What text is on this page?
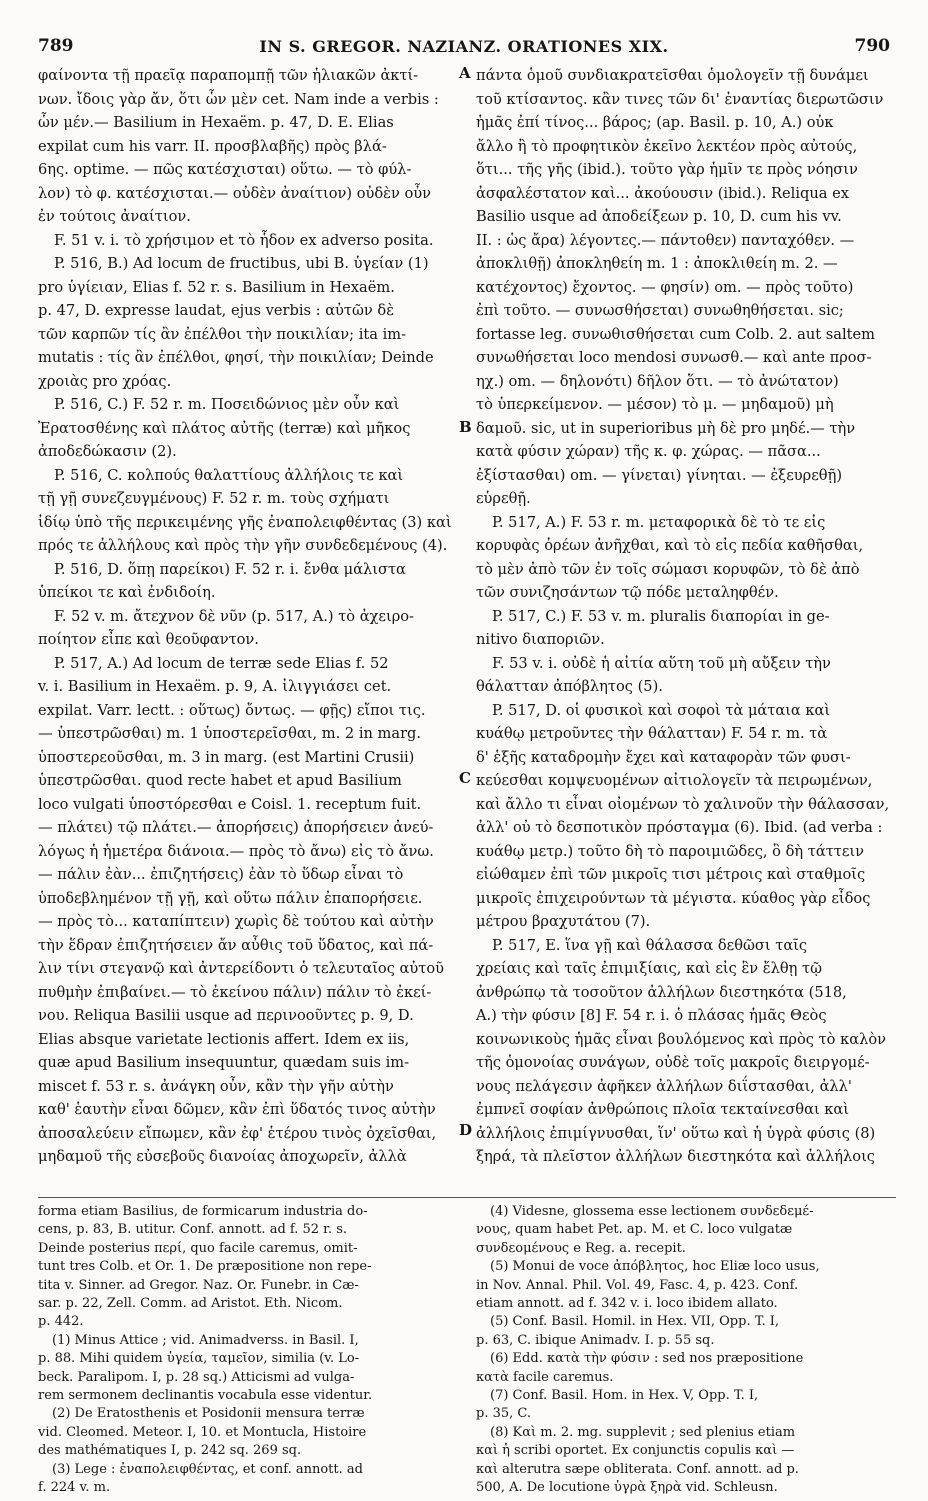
789	IN S. GREGOR. NAZIANZ. ORATIONES XIX.	790

φαίνοντα τῇ πραεῖᾳ παραπομπῇ τῶν ἡλιακῶν ἀκτί-

νων. ἴδοις γὰρ ἄν, ὅτι ὧν μὲν cet. Nam inde a verbis :

ὧν μέν.— Basilium in Hexaëm. p. 47, D. E. Elias

expilat cum his varr. II. προσβλαβῆς) πρὸς βλά-

6ης. optime. — πῶς κατέσχισται) οὕτω. — τὸ φύλ-

λον) τὸ φ. κατέσχισται.— οὐδὲν ἀναίτιον) οὐδὲν οὖν

ἐν τούτοις ἀναίτιον.

F. 51 v. i. τὸ χρήσιμον et τὸ ἧδον ex adverso posita.

P. 516, B.) Ad locum de fructibus, ubi B. ὑγείαν (1)

pro ὑγίειαν, Elias f. 52 r. s. Basilium in Hexaëm.

p. 47, D. expresse laudat, ejus verbis : αὐτῶν δὲ

τῶν καρπῶν τίς ἂν ἐπέλθοι τὴν ποικιλίαν; ita im-

mutatis : τίς ἂν ἐπέλθοι, φησί, τὴν ποικιλίαν; Deinde

χροιὰς pro χρόας.

P. 516, C.) F. 52 r. m. Ποσειδώνιος μὲν οὖν καὶ

Ἐρατοσθένης καὶ πλάτος αὐτῆς (terræ) καὶ μῆκος

ἀποδεδώκασιν (2).

P. 516, C. κολπούς θαλαττίους ἀλλήλοις τε καὶ

τῇ γῇ συνεζευγμένους) F. 52 r. m. τοὺς σχήματι

ἰδίῳ ὑπὸ τῆς περικειμένης γῆς ἐναπολειφθέντας (3) καὶ

πρός τε ἀλλήλους καὶ πρὸς τὴν γῆν συνδεδεμένους (4).

P. 516, D. ὅπῃ παρείκοι) F. 52 r. i. ἔνθα μάλιστα

ὑπείκοι τε καὶ ἐνδιδοίη.

F. 52 v. m. ἄτεχνον δὲ νῦν (p. 517, A.) τὸ ἀχειρο-

ποίητον εἶπε καὶ θεοῦφαντον.

P. 517, A.) Ad locum de terræ sede Elias f. 52

v. i. Basilium in Hexaëm. p. 9, A. ἰλιγγιάσει cet.

expilat. Varr. lectt. : οὕτως) ὄντως. — φῇς) εἴποι τις.

— ὑπεστρῶσθαι) m. 1 ὑποστερεῖσθαι, m. 2 in marg.

ὑποστερεοῦσθαι, m. 3 in marg. (est Martini Crusii)

ὑπεστρῶσθαι. quod recte habet et apud Basilium

loco vulgati ὑποστόρεσθαι e Coisl. 1. receptum fuit.

— πλάτει) τῷ πλάτει.— ἀπορήσεις) ἀπορήσειεν ἀνεύ-

λόγως ἡ ἡμετέρα διάνοια.— πρὸς τὸ ἄνω) εἰς τὸ ἄνω.

— πάλιν ἐὰν... ἐπιζητήσεις) ἐὰν τὸ ὕδωρ εἶναι τὸ

ὑποδεβλημένον τῇ γῇ, καὶ οὕτω πάλιν ἐπαπορήσειε.

— πρὸς τὸ... καταπίπτειν) χωρὶς δὲ τούτου καὶ αὐτὴν

τὴν ἕδραν ἐπιζητήσειεν ἄν αὖθις τοῦ ὕδατος, καὶ πά-

λιν τίνι στεγανῷ καὶ ἀντερείδοντι ὁ τελευταῖος αὐτοῦ

πυθμὴν ἐπιβαίνει.— τὸ ἐκείνου πάλιν) πάλιν τὸ ἐκεί-

νου. Reliqua Basilii usque ad περινοοῦντες p. 9, D.

Elias absque varietate lectionis affert. Idem ex iis,

quæ apud Basilium insequuntur, quædam suis im-

miscet f. 53 r. s. ἀνάγκη οὖν, κἂν τὴν γῆν αὐτὴν

καθ' ἑαυτὴν εἶναι δῶμεν, κἂν ἐπὶ ὕδατός τινος αὐτὴν

ἀποσαλεύειν εἴπωμεν, κἂν ἐφ' ἑτέρου τινὸς ὀχεῖσθαι,

μηδαμοῦ τῆς εὐσεβοῦς διανοίας ἀποχωρεῖν, ἀλλὰ

πάντα ὁμοῦ συνδιακρατεῖσθαι ὁμολογεῖν τῇ δυνάμει

τοῦ κτίσαντος. κἂν τινες τῶν δι' ἐναντίας διερωτῶσιν

ἡμᾶς ἐπί τίνος... βάρος; (ap. Basil. p. 10, A.) οὐκ

ἄλλο ἢ τὸ προφητικὸν ἐκεῖνο λεκτέον πρὸς αὐτούς,

ὅτι... τῆς γῆς (ibid.). τοῦτο γὰρ ἡμῖν τε πρὸς νόησιν

ἀσφαλέστατον καὶ... ἀκούουσιν (ibid.). Reliqua ex

Basilio usque ad ἀποδείξεων p. 10, D. cum his vv.

II. : ὡς ἄρα) λέγοντες.— πάντοθεν) πανταχόθεν. —

ἀποκλιθῇ) ἀποκληθείη m. 1 : ἀποκλιθείη m. 2. —

κατέχοντος) ἔχοντος. — φησίν) om. — πρὸς τοῦτο)

ἐπὶ τοῦτο. — συνωσθήσεται) συνωθηθήσεται. sic;

fortasse leg. συνωθισθήσεται cum Colb. 2. aut saltem

συνωθήσεται loco mendosi συνωσθ.— καὶ ante προσ-

ηχ.) om. — δηλονότι) δῆλον ὅτι. — τὸ ἀνώτατον)

τὸ ὑπερκείμενον. — μέσον) τὸ μ. — μηδαμοῦ) μὴ

δαμοῦ. sic, ut in superioribus μὴ δὲ pro μηδέ.— τὴν

κατὰ φύσιν χώραν) τῆς κ. φ. χώρας. — πᾶσα...

ἐξίστασθαι) om. — γίνεται) γίνηται. — ἐξευρεθῇ)

εὑρεθῇ.

P. 517, A.) F. 53 r. m. μεταφορικὰ δὲ τὸ τε εἰς

κορυφὰς ὀρέων ἀνῆχθαι, καὶ τὸ εἰς πεδία καθῆσθαι,

τὸ μὲν ἀπὸ τῶν ἐν τοῖς σώμασι κορυφῶν, τὸ δὲ ἀπὸ

τῶν συνιζησάντων τῷ πόδε μεταληφθέν.

P. 517, C.) F. 53 v. m. pluralis διαπορίαι in ge-

nitivo διαποριῶν.

F. 53 v. i. οὐδὲ ἡ αἰτία αὕτη τοῦ μὴ αὔξειν τὴν

θάλατταν ἀπόβλητος (5).

P. 517, D. οἱ φυσικοὶ καὶ σοφοὶ τὰ μάταια καὶ

κυάθῳ μετροῦντες τὴν θάλατταν) F. 54 r. m. τὰ

δ' ἑξῆς καταδρομὴν ἔχει καὶ καταφορὰν τῶν φυσι-

κεύεσθαι κομψευομένων αἰτιολογεῖν τὰ πειρωμένων,

καὶ ἄλλο τι εἶναι οἰομένων τὸ χαλινοῦν τὴν θάλασσαν,

ἀλλ' οὐ τὸ δεσποτικὸν πρόσταγμα (6). Ibid. (ad verba :

κυάθῳ μετρ.) τοῦτο δὴ τὸ παροιμιῶδες, ὃ δὴ τάττειν

εἰώθαμεν ἐπὶ τῶν μικροῖς τισι μέτροις καὶ σταθμοῖς

μικροῖς ἐπιχειρούντων τὰ μέγιστα. κύαθος γὰρ εἶδος

μέτρου βραχυτάτου (7).

P. 517, E. ἵνα γῇ καὶ θάλασσα δεθῶσι ταῖς

χρείαις καὶ ταῖς ἐπιμιξίαις, καὶ εἰς ἓν ἔλθῃ τῷ

ἀνθρώπῳ τὰ τοσοῦτον ἀλλήλων διεστηκότα (518,

A.) τὴν φύσιν [8] F. 54 r. i. ὁ πλάσας ἡμᾶς Θεὸς

κοινωνικοὺς ἡμᾶς εἶναι βουλόμενος καὶ πρὸς τὸ καλὸν

τῆς ὁμονοίας συνάγων, οὐδὲ τοῖς μακροῖς διειργομέ-

νους πελάγεσιν ἀφῆκεν ἀλλήλων διΐστασθαι, ἀλλ'

ἐμπνεῖ σοφίαν ἀνθρώποις πλοῖα τεκταίνεσθαι καὶ

ἀλλήλοις ἐπιμίγνυσθαι, ἵν' οὕτω καὶ ἡ ὑγρὰ φύσις (8)

ξηρά, τὰ πλεῖστον ἀλλήλων διεστηκότα καὶ ἀλλήλοις

A
B
C
D

forma etiam Basilius, de formicarum industria do-

cens, p. 83, B. utitur. Conf. annott. ad f. 52 r. s.

Deinde posterius περί, quo facile caremus, omit-

tunt tres Colb. et Or. 1. De præpositione non repe-

tita v. Sinner. ad Gregor. Naz. Or. Funebr. in Cæ-

sar. p. 22, Zell. Comm. ad Aristot. Eth. Nicom.

p. 442.

(1) Minus Attice ; vid. Animadverss. in Basil. I,

p. 88. Mihi quidem ὑγεία, ταμεῖον, similia (v. Lo-

beck. Paralipom. I, p. 28 sq.) Atticismi ad vulga-

rem sermonem declinantis vocabula esse videntur.

(2) De Eratosthenis et Posidonii mensura terræ

vid. Cleomed. Meteor. I, 10. et Montucla, Histoire

des mathématiques I, p. 242 sq. 269 sq.

(3) Lege : ἐναπολειφθέντας, et conf. annott. ad

f. 224 v. m.

(4) Videsne, glossema esse lectionem συνδεδεμέ-

νους, quam habet Pet. ap. M. et C. loco vulgatæ

συνδεομένους e Reg. a. recepit.

(5) Monui de voce ἀπόβλητος, hoc Eliæ loco usus,

in Nov. Annal. Phil. Vol. 49, Fasc. 4, p. 423. Conf.

etiam annott. ad f. 342 v. i. loco ibidem allato.

(5) Conf. Basil. Homil. in Hex. VII, Opp. T. I,

p. 63, C. ibique Animadv. I. p. 55 sq.

(6) Edd. κατὰ τὴν φύσιν : sed nos præpositione

κατὰ facile caremus.

(7) Conf. Basil. Hom. in Hex. V, Opp. T. I,

p. 35, C.

(8) Καὶ m. 2. mg. supplevit ; sed plenius etiam

καὶ ἡ scribi oportet. Ex conjunctis copulis καὶ —

καὶ alterutra sæpe obliterata. Conf. annott. ad p.

500, A. De locutione ὑγρὰ ξηρὰ vid. Schleusn.
